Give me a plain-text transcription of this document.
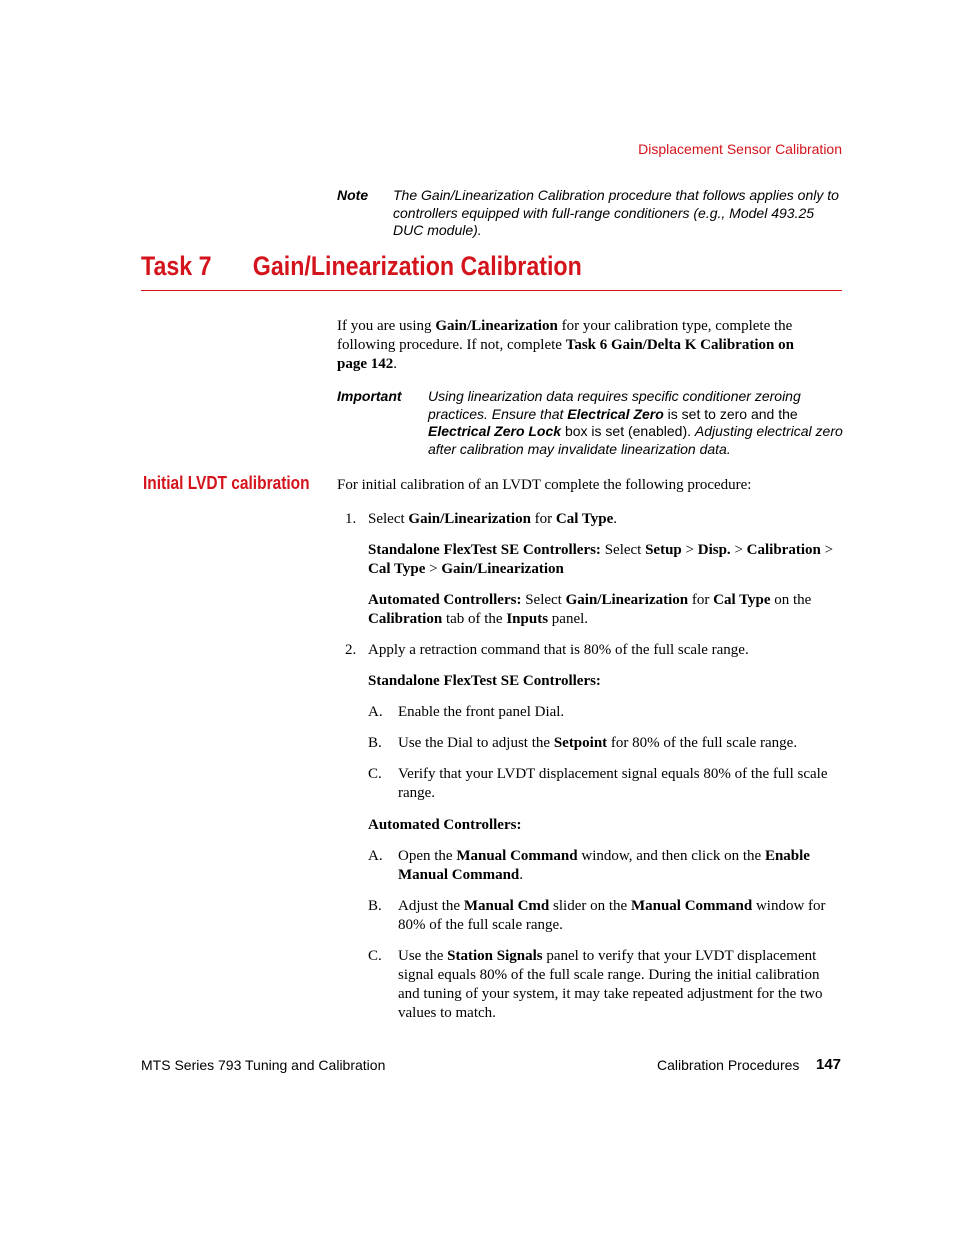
Displacement Sensor Calibration
Note The Gain/Linearization Calibration procedure that follows applies only to controllers equipped with full-range conditioners (e.g., Model 493.25 DUC module).
Task 7 Gain/Linearization Calibration
If you are using Gain/Linearization for your calibration type, complete the following procedure. If not, complete Task 6 Gain/Delta K Calibration on page 142.
Important Using linearization data requires specific conditioner zeroing practices. Ensure that Electrical Zero is set to zero and the Electrical Zero Lock box is set (enabled). Adjusting electrical zero after calibration may invalidate linearization data.
Initial LVDT calibration For initial calibration of an LVDT complete the following procedure:
1. Select Gain/Linearization for Cal Type.
Standalone FlexTest SE Controllers: Select Setup > Disp. > Calibration > Cal Type > Gain/Linearization
Automated Controllers: Select Gain/Linearization for Cal Type on the Calibration tab of the Inputs panel.
2. Apply a retraction command that is 80% of the full scale range.
Standalone FlexTest SE Controllers:
A. Enable the front panel Dial.
B. Use the Dial to adjust the Setpoint for 80% of the full scale range.
C. Verify that your LVDT displacement signal equals 80% of the full scale range.
Automated Controllers:
A. Open the Manual Command window, and then click on the Enable Manual Command.
B. Adjust the Manual Cmd slider on the Manual Command window for 80% of the full scale range.
C. Use the Station Signals panel to verify that your LVDT displacement signal equals 80% of the full scale range. During the initial calibration and tuning of your system, it may take repeated adjustment for the two values to match.
MTS Series 793 Tuning and Calibration	Calibration Procedures 147
